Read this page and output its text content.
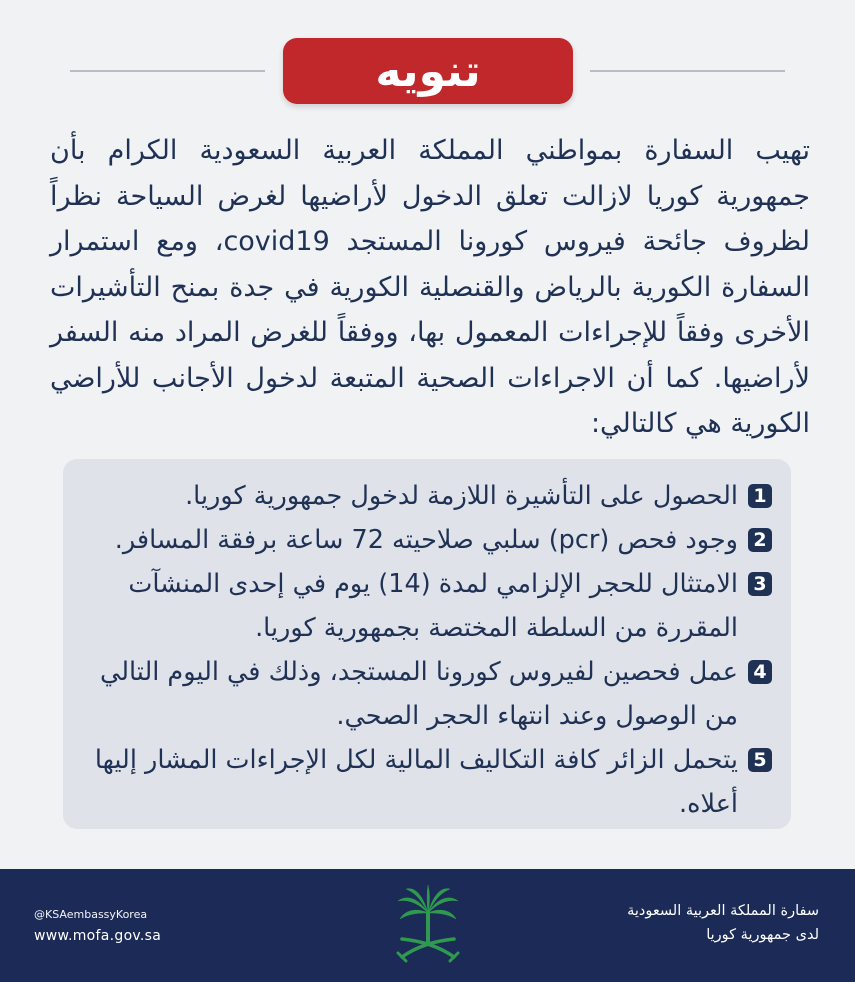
تنويه
تهيب السفارة بمواطني المملكة العربية السعودية الكرام بأن جمهورية كوريا لازالت تعلق الدخول لأراضيها لغرض السياحة نظراً لظروف جائحة فيروس كورونا المستجد covid19، ومع استمرار السفارة الكورية بالرياض والقنصلية الكورية في جدة بمنح التأشيرات الأخرى وفقاً للإجراءات المعمول بها، ووفقاً للغرض المراد منه السفر لأراضيها. كما أن الاجراءات الصحية المتبعة لدخول الأجانب للأراضي الكورية هي كالتالي:
1
الحصول على التأشيرة اللازمة لدخول جمهورية كوريا.
2
وجود فحص (pcr) سلبي صلاحيته 72 ساعة برفقة المسافر.
3
الامتثال للحجر الإلزامي لمدة (14) يوم في إحدى المنشآت المقررة من السلطة المختصة بجمهورية كوريا.
4
عمل فحصين لفيروس كورونا المستجد، وذلك في اليوم التالي من الوصول وعند انتهاء الحجر الصحي.
5
يتحمل الزائر كافة التكاليف المالية لكل الإجراءات المشار إليها أعلاه.
@KSAembassyKorea
www.mofa.gov.sa
سفارة المملكة العربية السعودية
لدى جمهورية كوريا
